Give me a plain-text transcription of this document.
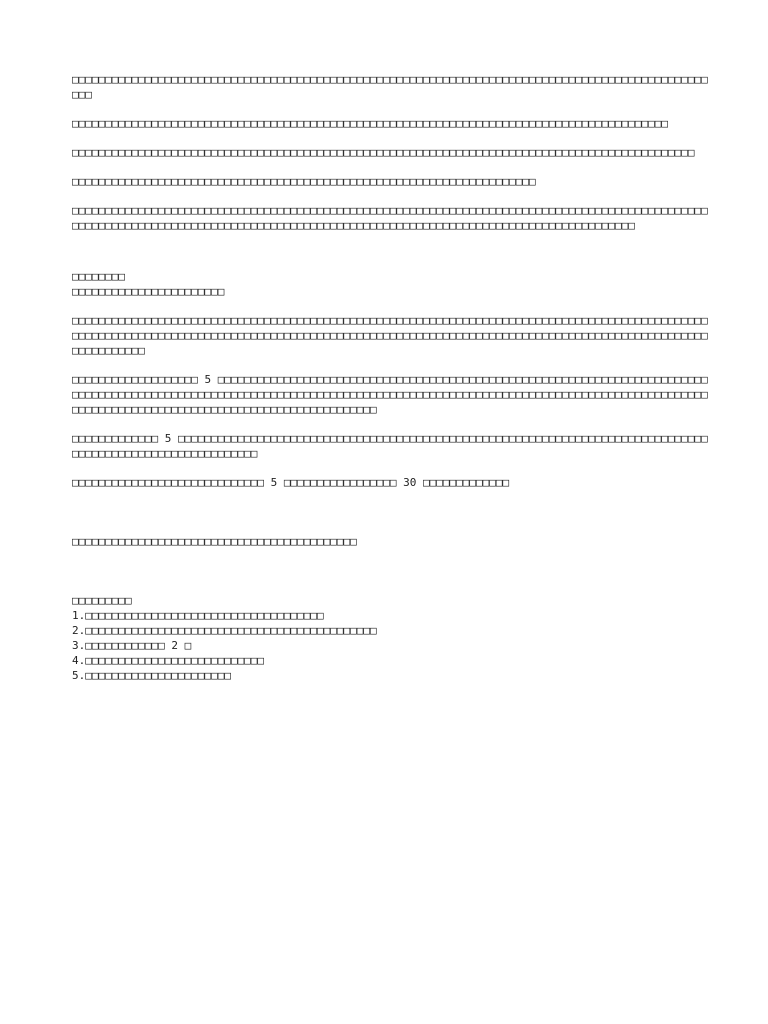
□□□□□□□□□□□□□□□□□□□□□□□□□□□□□□□□□□□□□□□□□□□□□□□□□□□□□□□□□□□□□□□□□□□□□□□□□□□□□□□□□□□□□□□□□□□□□□□□□□□

□□□□□□□□□□□□□□□□□□□□□□□□□□□□□□□□□□□□□□□□□□□□□□□□□□□□□□□□□□□□□□□□□□□□□□□□□□□□□□□□□□□□□□□□□□

□□□□□□□□□□□□□□□□□□□□□□□□□□□□□□□□□□□□□□□□□□□□□□□□□□□□□□□□□□□□□□□□□□□□□□□□□□□□□□□□□□□□□□□□□□□□□□

□□□□□□□□□□□□□□□□□□□□□□□□□□□□□□□□□□□□□□□□□□□□□□□□□□□□□□□□□□□□□□□□□□□□□□

□□□□□□□□□□□□□□□□□□□□□□□□□□□□□□□□□□□□□□□□□□□□□□□□□□□□□□□□□□□□□□□□□□□□□□□□□□□□□□□□□□□□□□□□□□□□□□□□□□□□□□□□□□□□□□□□□□□□□□□□□□□□□□□□□□□□□□□□□□□□□□□□□□□□□□□□□□□□□□□□□□□□□□□□□□□□□□□□□□□□□

□□□□□□□□

□□□□□□□□□□□□□□□□□□□□□□□

□□□□□□□□□□□□□□□□□□□□□□□□□□□□□□□□□□□□□□□□□□□□□□□□□□□□□□□□□□□□□□□□□□□□□□□□□□□□□□□□□□□□□□□□□□□□□□□□□□□□□□□□□□□□□□□□□□□□□□□□□□□□□□□□□□□□□□□□□□□□□□□□□□□□□□□□□□□□□□□□□□□□□□□□□□□□□□□□□□□□□□□□□□□□□□□□□□□□□□□□□□□

□□□□□□□□□□□□□□□□□□□ 5 □□□□□□□□□□□□□□□□□□□□□□□□□□□□□□□□□□□□□□□□□□□□□□□□□□□□□□□□□□□□□□□□□□□□□□□□□□□□□□□□□□□□□□□□□□□□□□□□□□□□□□□□□□□□□□□□□□□□□□□□□□□□□□□□□□□□□□□□□□□□□□□□□□□□□□□□□□□□□□□□□□□□□□□□□□□□□□□□□□□□□□□□□□□□□□□□□□□□□□□□□□□□□□□□□□□□□□□□

□□□□□□□□□□□□□ 5 □□□□□□□□□□□□□□□□□□□□□□□□□□□□□□□□□□□□□□□□□□□□□□□□□□□□□□□□□□□□□□□□□□□□□□□□□□□□□□□□□□□□□□□□□□□□□□□□□□□□□□□□□□□□

□□□□□□□□□□□□□□□□□□□□□□□□□□□□□ 5 □□□□□□□□□□□□□□□□□ 30 □□□□□□□□□□□□□

□□□□□□□□□□□□□□□□□□□□□□□□□□□□□□□□□□□□□□□□□□□

□□□□□□□□□

1.□□□□□□□□□□□□□□□□□□□□□□□□□□□□□□□□□□□□

2.□□□□□□□□□□□□□□□□□□□□□□□□□□□□□□□□□□□□□□□□□□□□

3.□□□□□□□□□□□□ 2 □

4.□□□□□□□□□□□□□□□□□□□□□□□□□□□

5.□□□□□□□□□□□□□□□□□□□□□□
